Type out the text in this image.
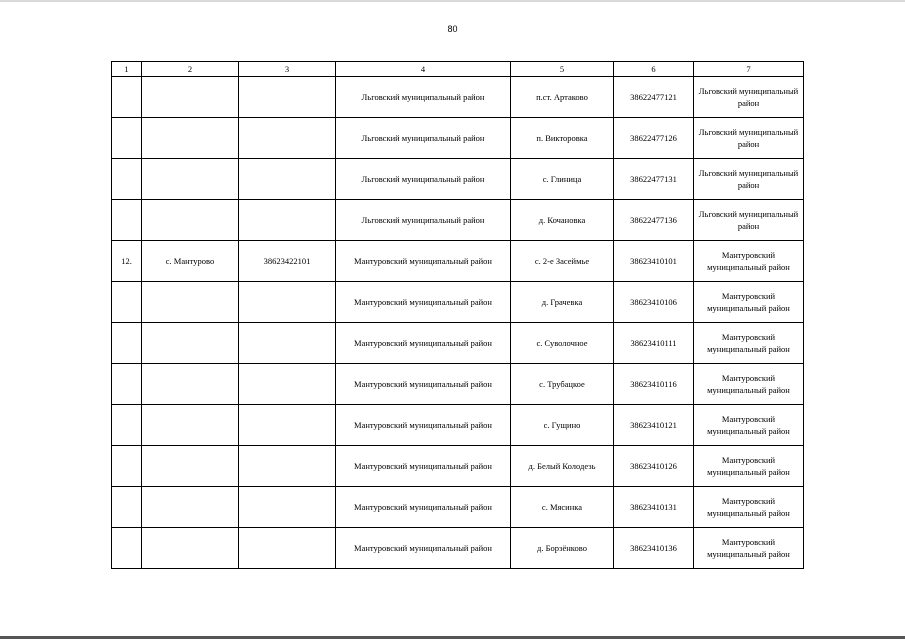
80
1	2	3	4	5	6	7
			Льговский муниципальный район	п.ст. Артаково	38622477121	Льговский муниципальный район
			Льговский муниципальный район	п. Викторовка	38622477126	Льговский муниципальный район
			Льговский муниципальный район	с. Глиница	38622477131	Льговский муниципальный район
			Льговский муниципальный район	д. Кочановка	38622477136	Льговский муниципальный район
12.	с. Мантурово	38623422101	Мантуровский муниципальный район	с. 2-е Засеймье	38623410101	Мантуровский муниципальный район
			Мантуровский муниципальный район	д. Грачевка	38623410106	Мантуровский муниципальный район
			Мантуровский муниципальный район	с. Суволочное	38623410111	Мантуровский муниципальный район
			Мантуровский муниципальный район	с. Трубацкое	38623410116	Мантуровский муниципальный район
			Мантуровский муниципальный район	с. Гущино	38623410121	Мантуровский муниципальный район
			Мантуровский муниципальный район	д. Белый Колодезь	38623410126	Мантуровский муниципальный район
			Мантуровский муниципальный район	с. Мясинка	38623410131	Мантуровский муниципальный район
			Мантуровский муниципальный район	д. Борзёнково	38623410136	Мантуровский муниципальный район
